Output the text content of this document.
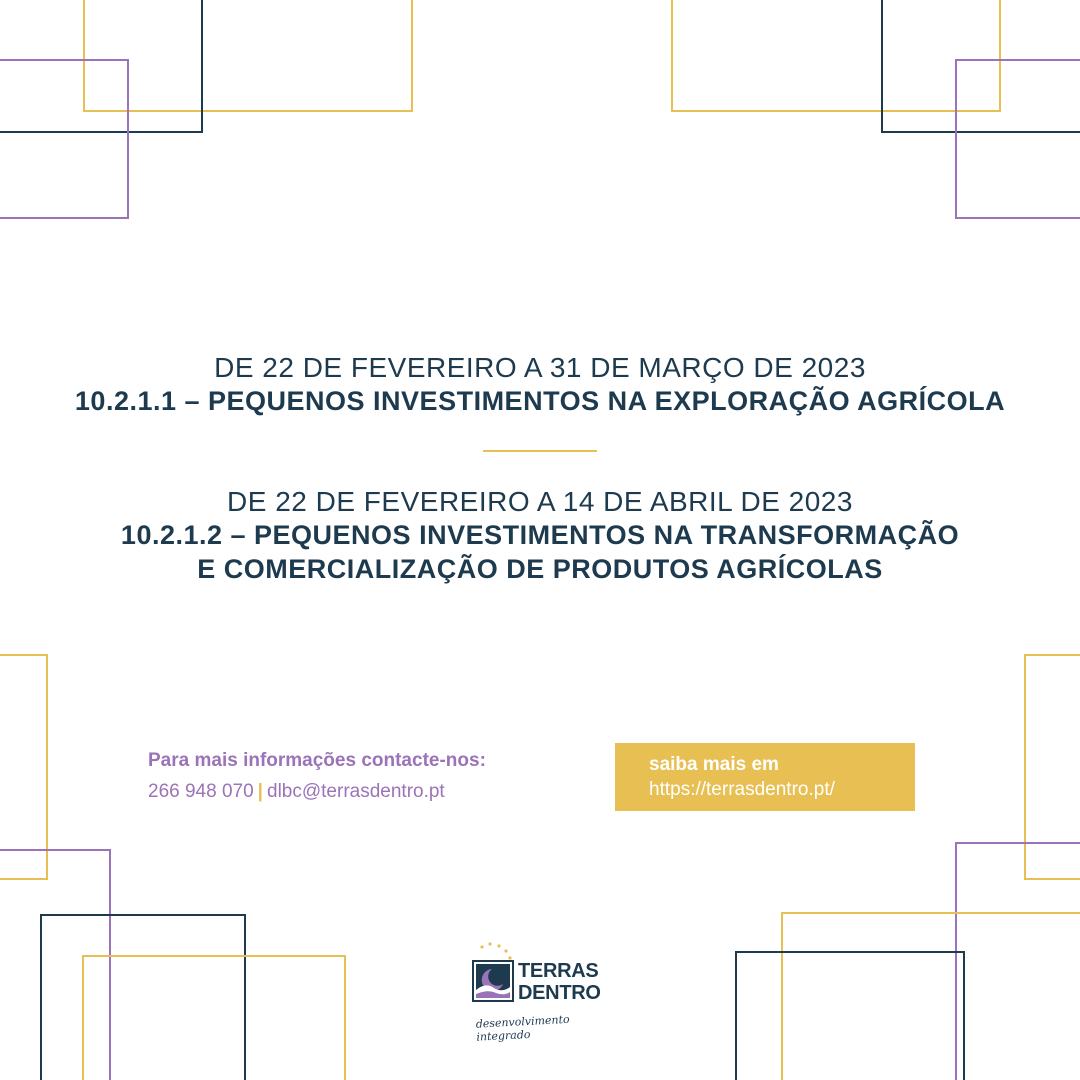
DE 22 DE FEVEREIRO A 31 DE MARÇO DE 2023
10.2.1.1 – PEQUENOS INVESTIMENTOS NA EXPLORAÇÃO AGRÍCOLA
DE 22 DE FEVEREIRO A 14 DE ABRIL DE 2023
10.2.1.2 – PEQUENOS INVESTIMENTOS NA TRANSFORMAÇÃO
E COMERCIALIZAÇÃO DE PRODUTOS AGRÍCOLAS
Para mais informações contacte-nos:
266 948 070 | dlbc@terrasdentro.pt
saiba mais em
https://terrasdentro.pt/
TERRAS
DENTRO
desenvolvimento integrado
